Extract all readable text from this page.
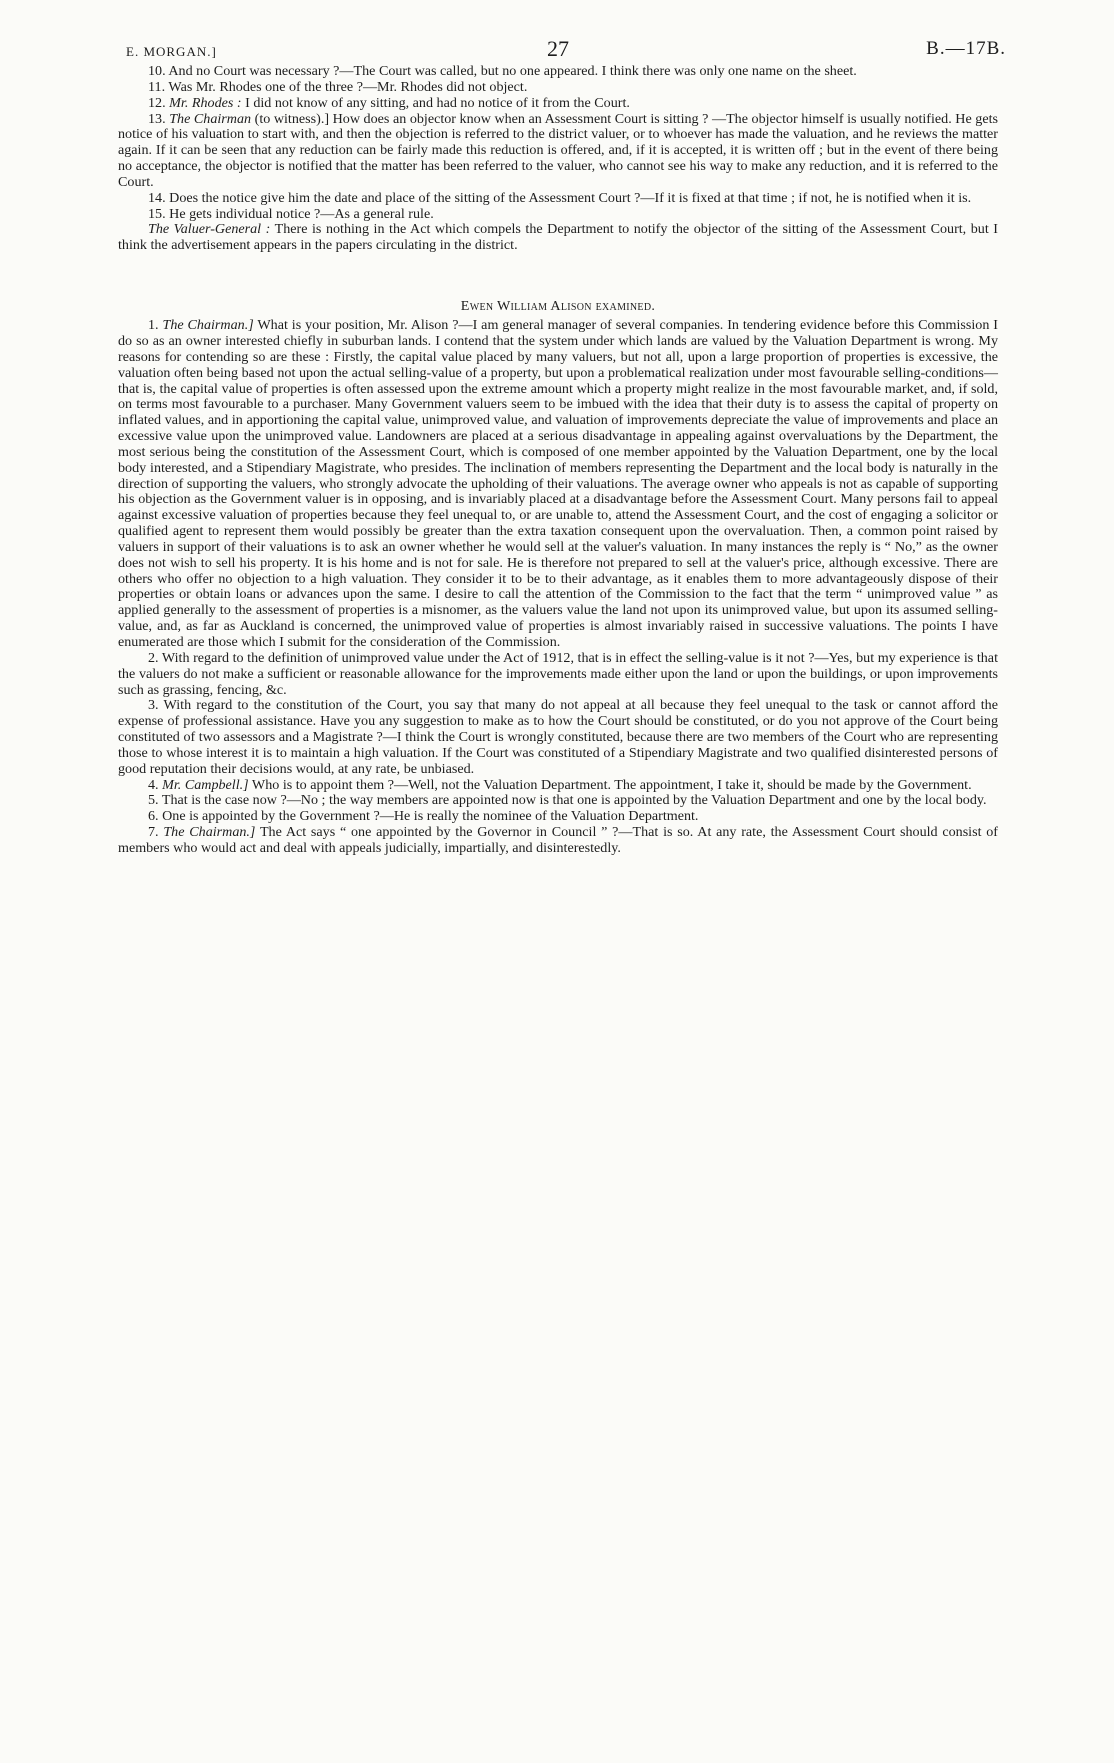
E. MORGAN.]	27	B.—17B.

10. And no Court was necessary ?—The Court was called, but no one appeared. I think there was only one name on the sheet.

11. Was Mr. Rhodes one of the three ?—Mr. Rhodes did not object.

12. Mr. Rhodes : I did not know of any sitting, and had no notice of it from the Court.

13. The Chairman (to witness).] How does an objector know when an Assessment Court is sitting ? —The objector himself is usually notified. He gets notice of his valuation to start with, and then the objection is referred to the district valuer, or to whoever has made the valuation, and he reviews the matter again. If it can be seen that any reduction can be fairly made this reduction is offered, and, if it is accepted, it is written off ; but in the event of there being no acceptance, the objector is notified that the matter has been referred to the valuer, who cannot see his way to make any reduction, and it is referred to the Court.

14. Does the notice give him the date and place of the sitting of the Assessment Court ?—If it is fixed at that time ; if not, he is notified when it is.

15. He gets individual notice ?—As a general rule.

The Valuer-General : There is nothing in the Act which compels the Department to notify the objector of the sitting of the Assessment Court, but I think the advertisement appears in the papers circulating in the district.

Ewen William Alison examined.

1. The Chairman.] What is your position, Mr. Alison ?—I am general manager of several companies. In tendering evidence before this Commission I do so as an owner interested chiefly in suburban lands. I contend that the system under which lands are valued by the Valuation Department is wrong. My reasons for contending so are these : Firstly, the capital value placed by many valuers, but not all, upon a large proportion of properties is excessive, the valuation often being based not upon the actual selling-value of a property, but upon a problematical realization under most favourable selling-conditions—that is, the capital value of properties is often assessed upon the extreme amount which a property might realize in the most favourable market, and, if sold, on terms most favourable to a purchaser. Many Government valuers seem to be imbued with the idea that their duty is to assess the capital of property on inflated values, and in apportioning the capital value, unimproved value, and valuation of improvements depreciate the value of improvements and place an excessive value upon the unimproved value. Landowners are placed at a serious disadvantage in appealing against overvaluations by the Department, the most serious being the constitution of the Assessment Court, which is composed of one member appointed by the Valuation Department, one by the local body interested, and a Stipendiary Magistrate, who presides. The inclination of members representing the Department and the local body is naturally in the direction of supporting the valuers, who strongly advocate the upholding of their valuations. The average owner who appeals is not as capable of supporting his objection as the Government valuer is in opposing, and is invariably placed at a disadvantage before the Assessment Court. Many persons fail to appeal against excessive valuation of properties because they feel unequal to, or are unable to, attend the Assessment Court, and the cost of engaging a solicitor or qualified agent to represent them would possibly be greater than the extra taxation consequent upon the overvaluation. Then, a common point raised by valuers in support of their valuations is to ask an owner whether he would sell at the valuer's valuation. In many instances the reply is “ No,” as the owner does not wish to sell his property. It is his home and is not for sale. He is therefore not prepared to sell at the valuer's price, although excessive. There are others who offer no objection to a high valuation. They consider it to be to their advantage, as it enables them to more advantageously dispose of their properties or obtain loans or advances upon the same. I desire to call the attention of the Commission to the fact that the term “ unimproved value ” as applied generally to the assessment of properties is a misnomer, as the valuers value the land not upon its unimproved value, but upon its assumed selling-value, and, as far as Auckland is concerned, the unimproved value of properties is almost invariably raised in successive valuations. The points I have enumerated are those which I submit for the consideration of the Commission.

2. With regard to the definition of unimproved value under the Act of 1912, that is in effect the selling-value is it not ?—Yes, but my experience is that the valuers do not make a sufficient or reasonable allowance for the improvements made either upon the land or upon the buildings, or upon improvements such as grassing, fencing, &c.

3. With regard to the constitution of the Court, you say that many do not appeal at all because they feel unequal to the task or cannot afford the expense of professional assistance. Have you any suggestion to make as to how the Court should be constituted, or do you not approve of the Court being constituted of two assessors and a Magistrate ?—I think the Court is wrongly constituted, because there are two members of the Court who are representing those to whose interest it is to maintain a high valuation. If the Court was constituted of a Stipendiary Magistrate and two qualified disinterested persons of good reputation their decisions would, at any rate, be unbiased.

4. Mr. Campbell.] Who is to appoint them ?—Well, not the Valuation Department. The appointment, I take it, should be made by the Government.

5. That is the case now ?—No ; the way members are appointed now is that one is appointed by the Valuation Department and one by the local body.

6. One is appointed by the Government ?—He is really the nominee of the Valuation Department.

7. The Chairman.] The Act says “ one appointed by the Governor in Council ” ?—That is so. At any rate, the Assessment Court should consist of members who would act and deal with appeals judicially, impartially, and disinterestedly.
